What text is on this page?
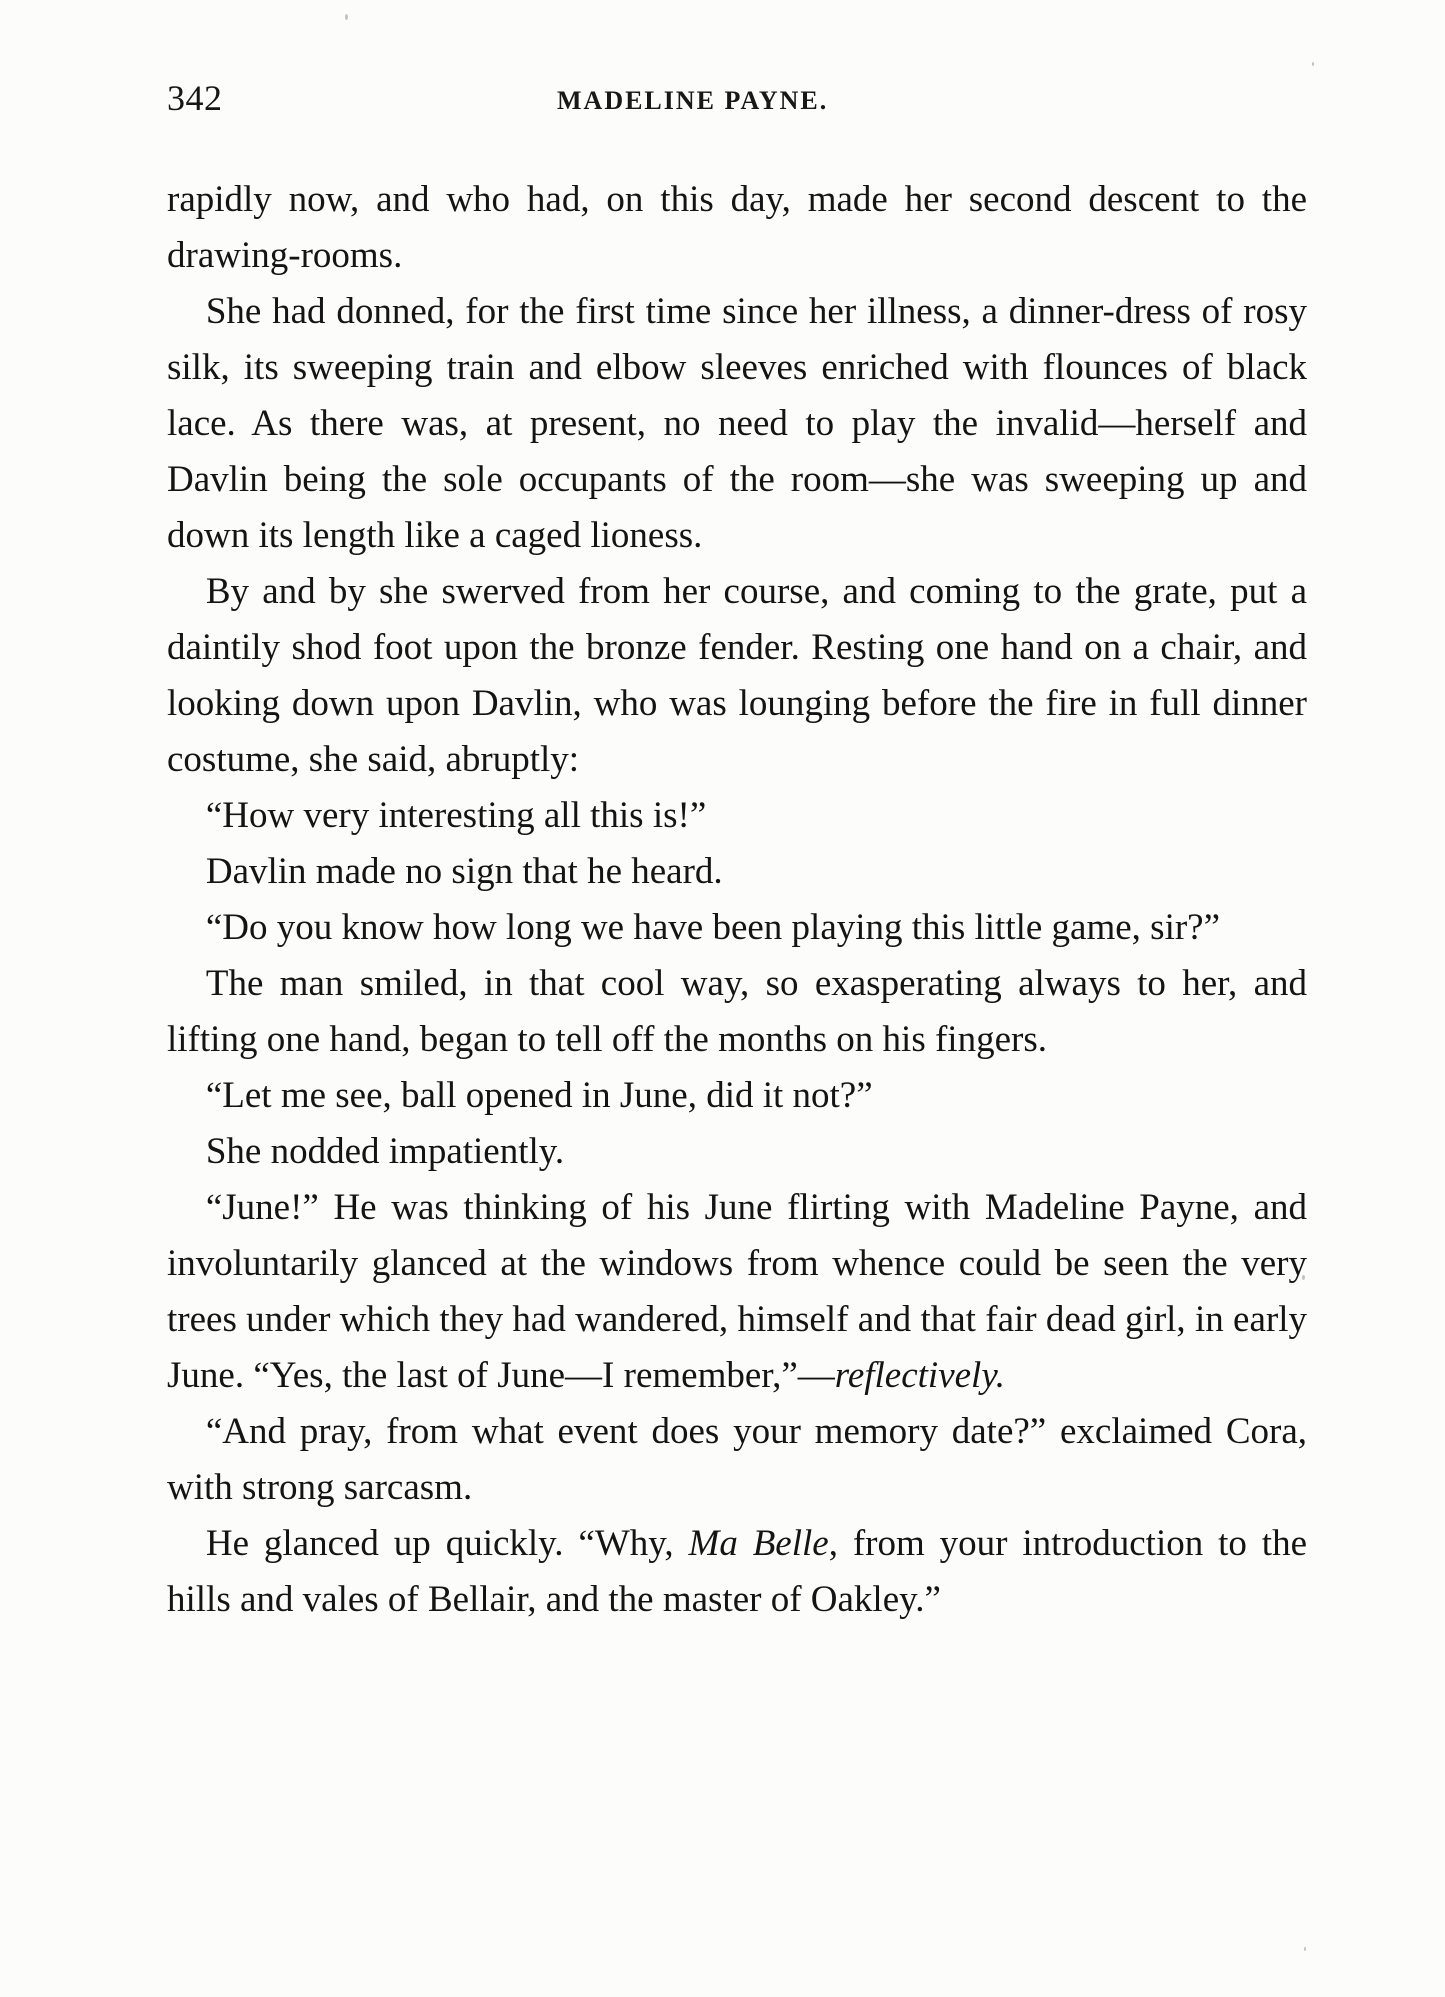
342	MADELINE PAYNE.

rapidly now, and who had, on this day, made her second descent to the drawing-rooms.

She had donned, for the first time since her illness, a dinner-dress of rosy silk, its sweeping train and elbow sleeves enriched with flounces of black lace. As there was, at present, no need to play the invalid—herself and Davlin being the sole occupants of the room—she was sweeping up and down its length like a caged lioness.

By and by she swerved from her course, and coming to the grate, put a daintily shod foot upon the bronze fender. Resting one hand on a chair, and looking down upon Davlin, who was lounging before the fire in full dinner costume, she said, abruptly:

“How very interesting all this is!”

Davlin made no sign that he heard.

“Do you know how long we have been playing this little game, sir?”

The man smiled, in that cool way, so exasperating always to her, and lifting one hand, began to tell off the months on his fingers.

“Let me see, ball opened in June, did it not?”

She nodded impatiently.

“June!” He was thinking of his June flirting with Madeline Payne, and involuntarily glanced at the windows from whence could be seen the very trees under which they had wandered, himself and that fair dead girl, in early June. “Yes, the last of June—I remember,”—reflectively.

“And pray, from what event does your memory date?” exclaimed Cora, with strong sarcasm.

He glanced up quickly. “Why, Ma Belle, from your introduction to the hills and vales of Bellair, and the master of Oakley.”
